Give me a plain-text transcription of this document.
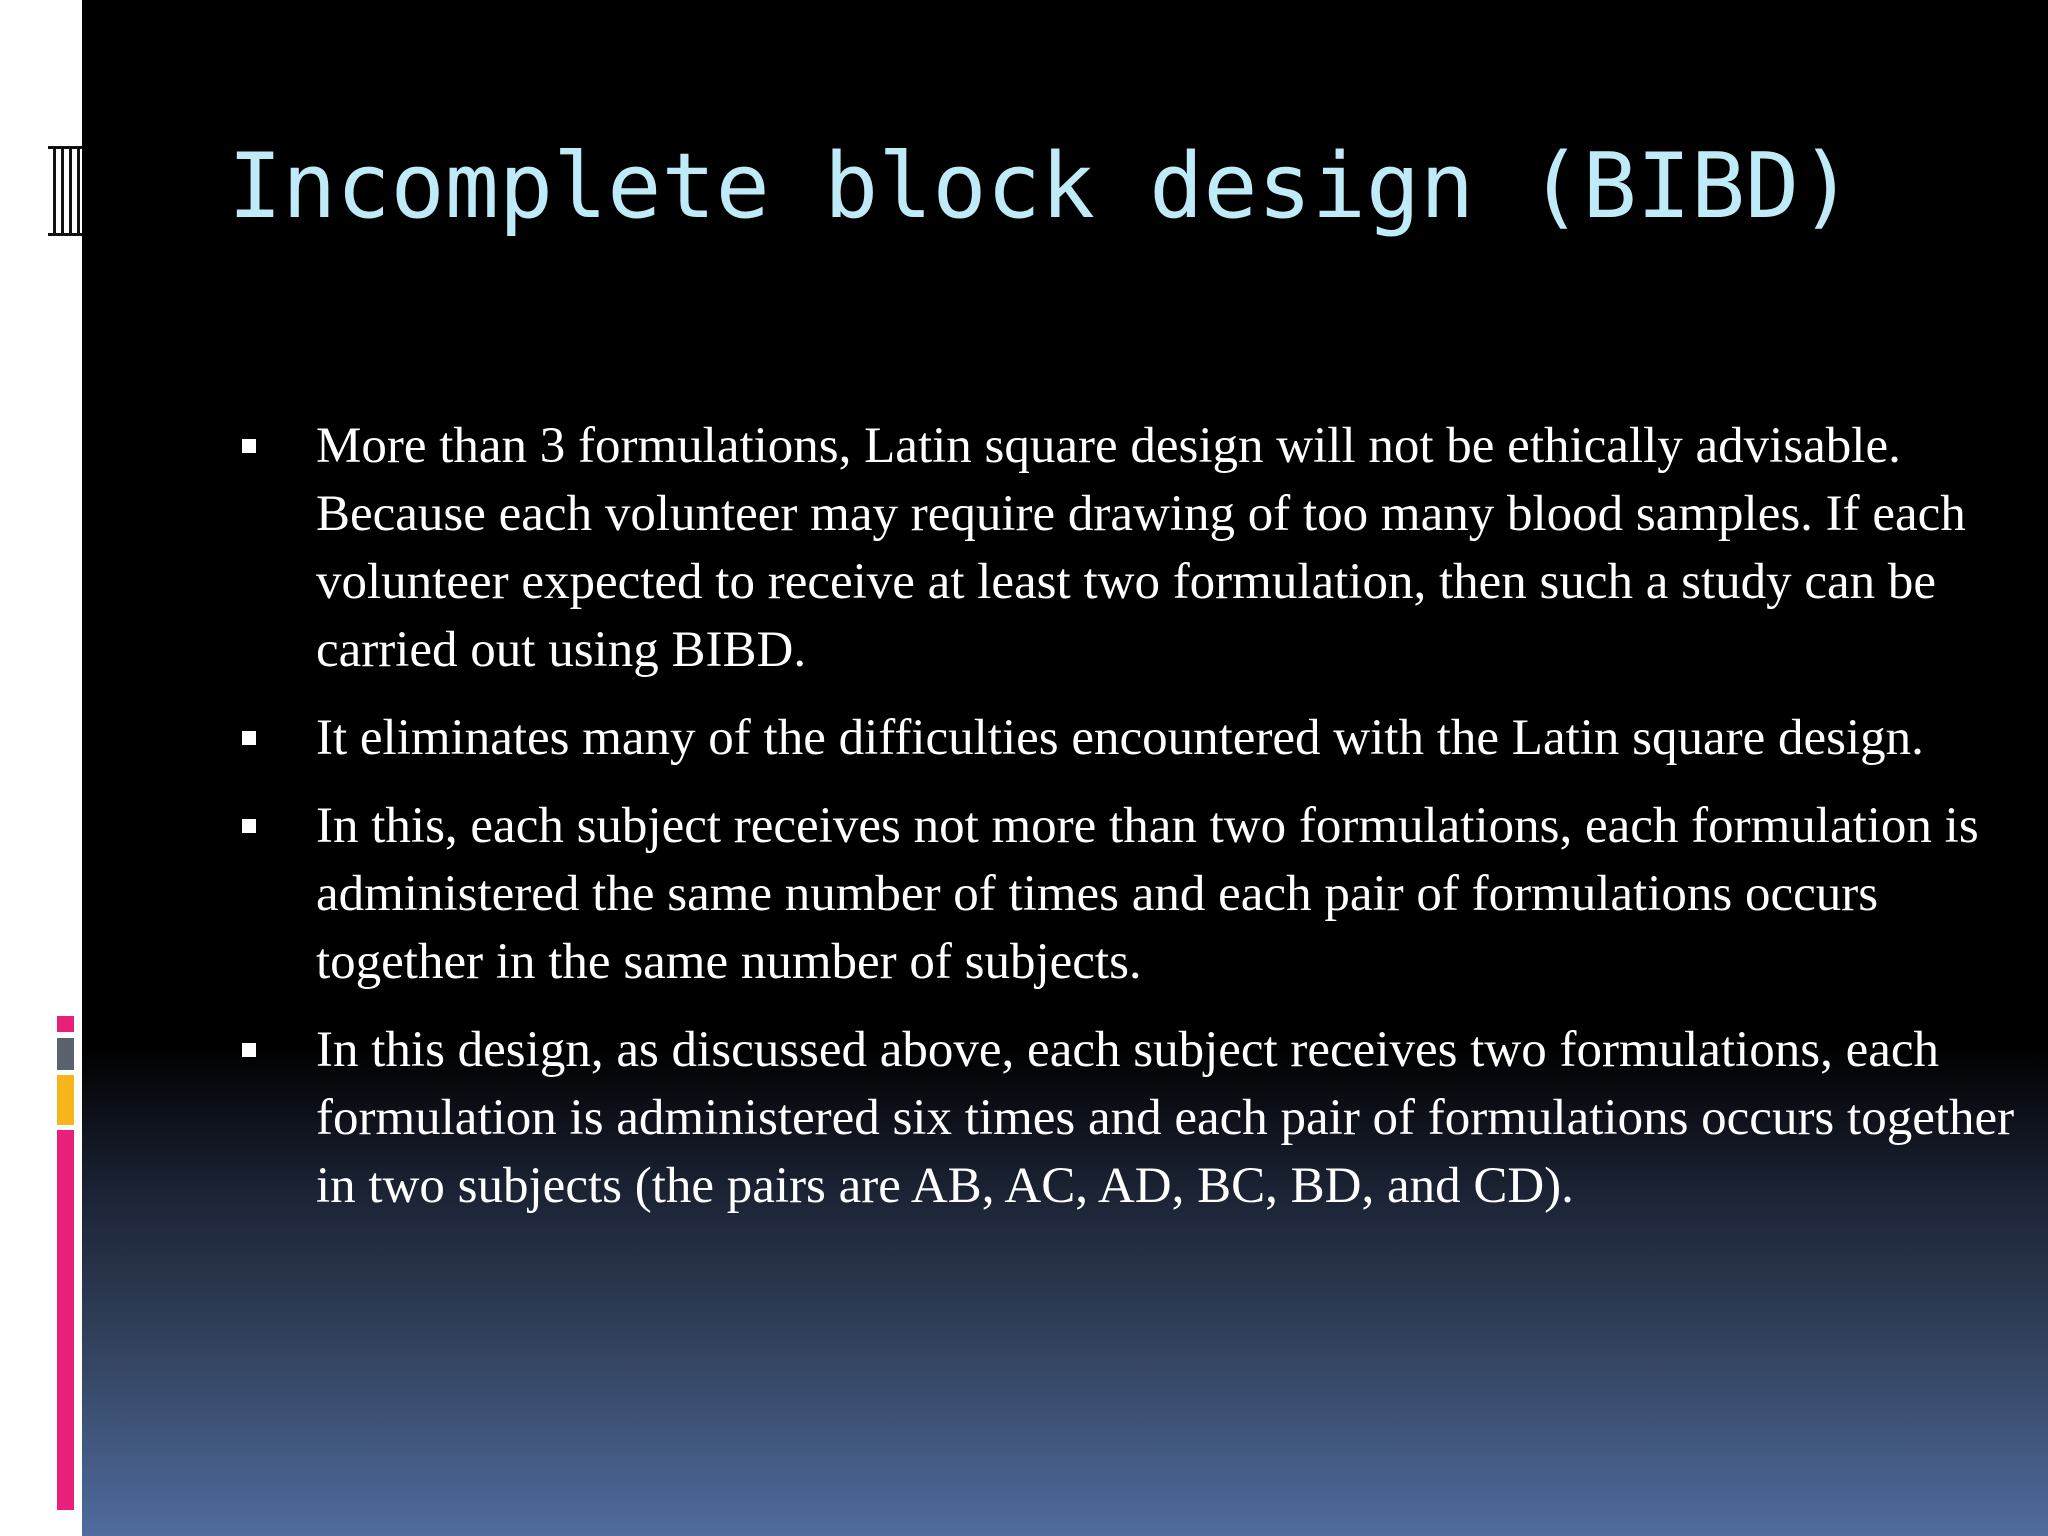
Incomplete block design (BIBD)
More than 3 formulations, Latin square design will not be ethically advisable. Because each volunteer may require drawing of too many blood samples. If each volunteer expected to receive at least two formulation, then such a study can be carried out using BIBD.
It eliminates many of the difficulties encountered with the Latin square design.
In this, each subject receives not more than two formulations, each formulation is administered the same number of times and each pair of formulations occurs together in the same number of subjects.
In this design, as discussed above, each subject receives two formulations, each formulation is administered six times and each pair of formulations occurs together in two subjects (the pairs are AB, AC, AD, BC, BD, and CD).
